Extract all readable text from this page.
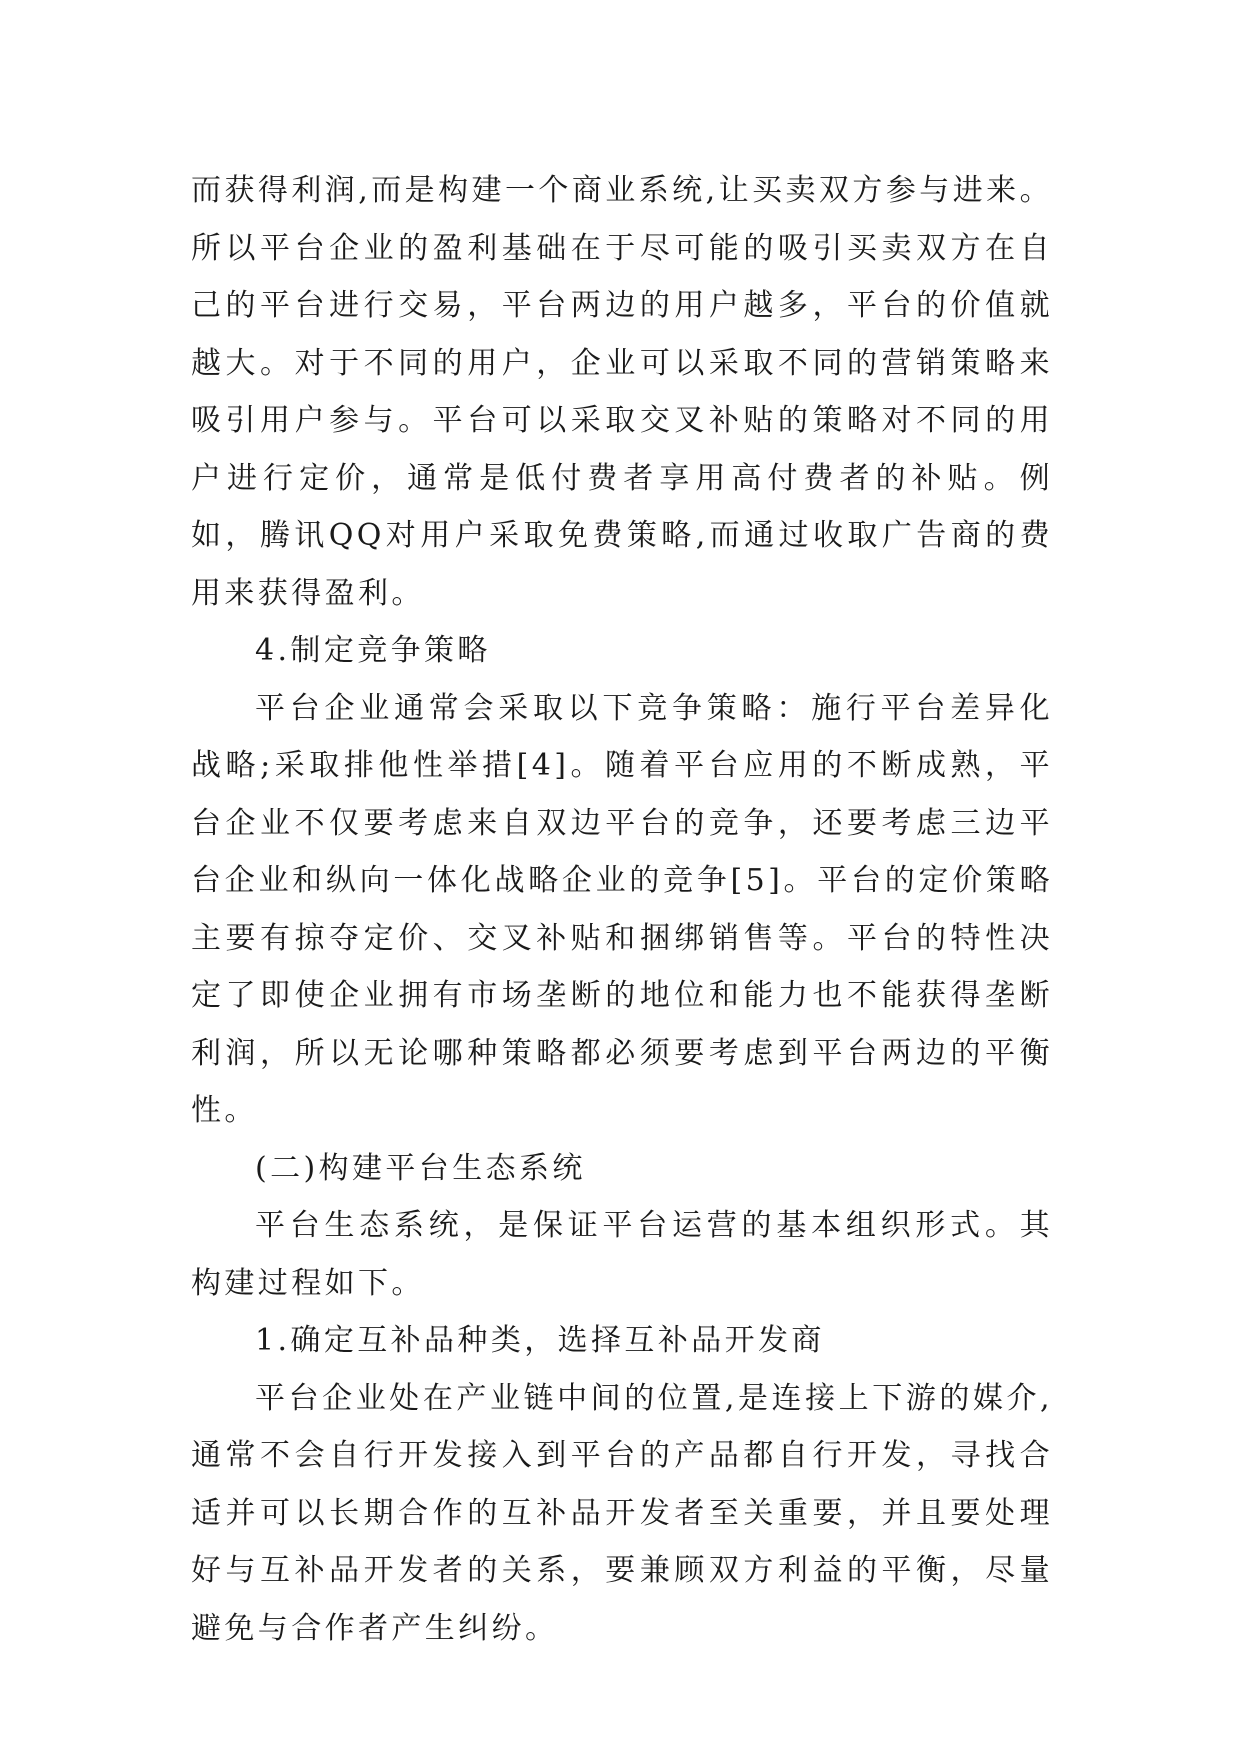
而获得利润,而是构建一个商业系统,让买卖双方参与进来。所以平台企业的盈利基础在于尽可能的吸引买卖双方在自己的平台进行交易，平台两边的用户越多，平台的价值就越大。对于不同的用户，企业可以采取不同的营销策略来吸引用户参与。平台可以采取交叉补贴的策略对不同的用户进行定价，通常是低付费者享用高付费者的补贴。例如，腾讯QQ对用户采取免费策略,而通过收取广告商的费用来获得盈利。

4.制定竞争策略

平台企业通常会采取以下竞争策略：施行平台差异化战略;采取排他性举措[4]。随着平台应用的不断成熟，平台企业不仅要考虑来自双边平台的竞争，还要考虑三边平台企业和纵向一体化战略企业的竞争[5]。平台的定价策略主要有掠夺定价、交叉补贴和捆绑销售等。平台的特性决定了即使企业拥有市场垄断的地位和能力也不能获得垄断利润，所以无论哪种策略都必须要考虑到平台两边的平衡性。

(二)构建平台生态系统

平台生态系统，是保证平台运营的基本组织形式。其构建过程如下。

1.确定互补品种类，选择互补品开发商

平台企业处在产业链中间的位置,是连接上下游的媒介,通常不会自行开发接入到平台的产品都自行开发，寻找合适并可以长期合作的互补品开发者至关重要，并且要处理好与互补品开发者的关系，要兼顾双方利益的平衡，尽量避免与合作者产生纠纷。
